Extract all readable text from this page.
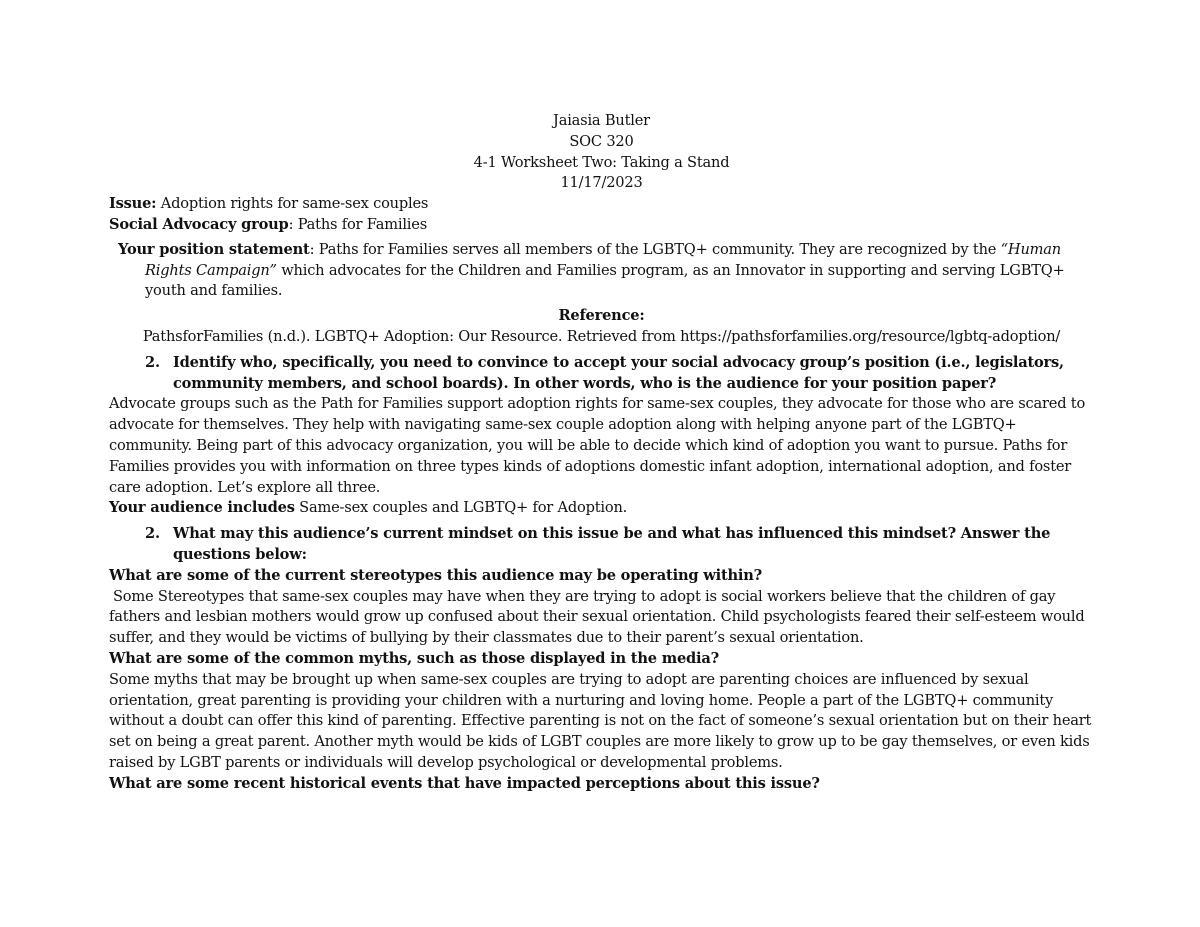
Jaiasia Butler

SOC 320

4-1 Worksheet Two: Taking a Stand

11/17/2023

Issue: Adoption rights for same-sex couples

Social Advocacy group: Paths for Families

Your position statement: Paths for Families serves all members of the LGBTQ+ community. They are recognized by the “Human Rights Campaign” which advocates for the Children and Families program, as an Innovator in supporting and serving LGBTQ+ youth and families.

Reference:

PathsforFamilies (n.d.). LGBTQ+ Adoption: Our Resource. Retrieved from https://pathsforfamilies.org/resource/lgbtq-adoption/

2. Identify who, specifically, you need to convince to accept your social advocacy group’s position (i.e., legislators, community members, and school boards). In other words, who is the audience for your position paper?

Advocate groups such as the Path for Families support adoption rights for same-sex couples, they advocate for those who are scared to advocate for themselves. They help with navigating same-sex couple adoption along with helping anyone part of the LGBTQ+ community. Being part of this advocacy organization, you will be able to decide which kind of adoption you want to pursue. Paths for Families provides you with information on three types kinds of adoptions domestic infant adoption, international adoption, and foster care adoption. Let’s explore all three.

Your audience includes Same-sex couples and LGBTQ+ for Adoption.

2. What may this audience’s current mindset on this issue be and what has influenced this mindset? Answer the questions below:

What are some of the current stereotypes this audience may be operating within?

Some Stereotypes that same-sex couples may have when they are trying to adopt is social workers believe that the children of gay fathers and lesbian mothers would grow up confused about their sexual orientation. Child psychologists feared their self-esteem would suffer, and they would be victims of bullying by their classmates due to their parent’s sexual orientation.

What are some of the common myths, such as those displayed in the media?

Some myths that may be brought up when same-sex couples are trying to adopt are parenting choices are influenced by sexual orientation, great parenting is providing your children with a nurturing and loving home. People a part of the LGBTQ+ community without a doubt can offer this kind of parenting. Effective parenting is not on the fact of someone’s sexual orientation but on their heart set on being a great parent. Another myth would be kids of LGBT couples are more likely to grow up to be gay themselves, or even kids raised by LGBT parents or individuals will develop psychological or developmental problems.

What are some recent historical events that have impacted perceptions about this issue?
